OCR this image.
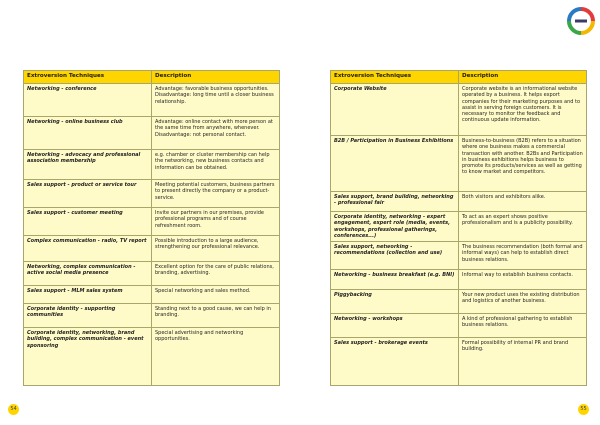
Extroversion Techniques	Description
Networking - conference	Advantage: favorable business opportunities. Disadvantage: long time until a closer business relationship.
Networking - online business club	Advantage: online contact with more person at the same time from anywhere, whenever. Disadvantage: not personal contact.
Networking - advocacy and professional association membership	e.g. chamber or cluster membership can help the networking, new business contacts and information can be obtained.
Sales support - product or service tour	Meeting potential customers, business partners to present directly the company or a product-service.
Sales support - customer meeting	Invite our partners in our premises, provide professional programs and of course refreshment room.
Complex communication - radio, TV report	Possible introduction to a large audience, strengthening our professional relevance.
Networking, complex communication - active social media presence	Excellent option for the care of public relations, branding, advertising.
Sales support - MLM sales system	Special networking and sales method.
Corporate identity - supporting communities	Standing next to a good cause, we can help in branding.
Corporate identity, networking, brand building, complex communication - event sponsoring	Special advertising and networking opportunities.
54
Extroversion Techniques	Description
Corporate Website	Corporate website is an informational website operated by a business. It helps export companies for their marketing purposes and to assist in serving foreign customers. It is necessary to monitor the feedback and continuous update information.
B2B / Participation in Business Exhibitions	Business-to-business (B2B) refers to a situation where one business makes a commercial transaction with another. B2Bs and Participation in business exhibitions helps business to promote its products/services as well as getting to know market and competitors.
Sales support, brand building, networking - professional fair	Both visitors and exhibitors alike.
Corporate identity, networking - expert engagement, expert role (media, events, workshops, professional gatherings, conferences...)	To act as an expert shows positive professionalism and is a publicity possibility.
Sales support, networking - recommendations (collection and use)	The business recommendation (both formal and informal ways) can help to establish direct business relations.
Networking - business breakfast (e.g. BNI)	Informal way to establish business contacts.
Piggybacking	Your new product uses the existing distribution and logistics of another business.
Networking - workshops	A kind of professional gathering to establish business relations.
Sales support - brokerage events	Formal possibility of internal PR and brand building.
55
